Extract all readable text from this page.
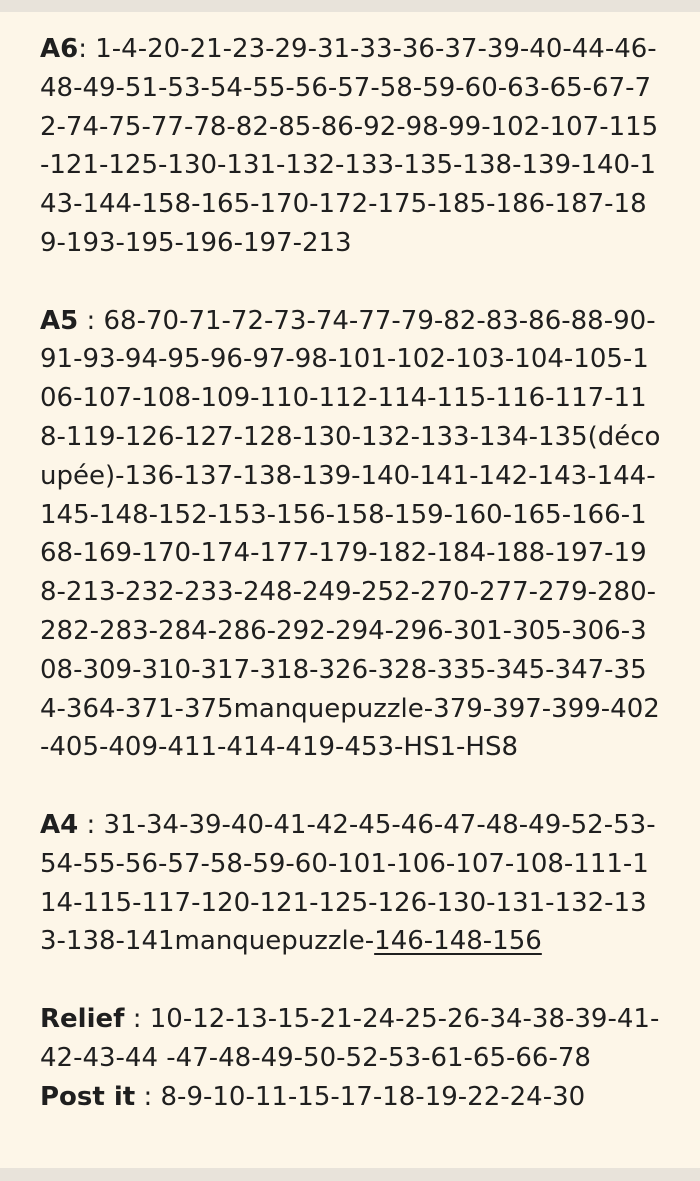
A6: 1-4-20-21-23-29-31-33-36-37-39-40-44-46-48-49-51-53-54-55-56-57-58-59-60-63-65-67-72-74-75-77-78-82-85-86-92-98-99-102-107-115-121-125-130-131-132-133-135-138-139-140-143-144-158-165-170-172-175-185-186-187-189-193-195-196-197-213
A5 : 68-70-71-72-73-74-77-79-82-83-86-88-90-91-93-94-95-96-97-98-101-102-103-104-105-106-107-108-109-110-112-114-115-116-117-118-119-126-127-128-130-132-133-134-135(découpée)-136-137-138-139-140-141-142-143-144-145-148-152-153-156-158-159-160-165-166-168-169-170-174-177-179-182-184-188-197-198-213-232-233-248-249-252-270-277-279-280-282-283-284-286-292-294-296-301-305-306-308-309-310-317-318-326-328-335-345-347-354-364-371-375manquepuzzle-379-397-399-402-405-409-411-414-419-453-HS1-HS8
A4 : 31-34-39-40-41-42-45-46-47-48-49-52-53-54-55-56-57-58-59-60-101-106-107-108-111-114-115-117-120-121-125-126-130-131-132-133-138-141manquepuzzle-146-148-156
Relief : 10-12-13-15-21-24-25-26-34-38-39-41-42-43-44 -47-48-49-50-52-53-61-65-66-78
Post it : 8-9-10-11-15-17-18-19-22-24-30
